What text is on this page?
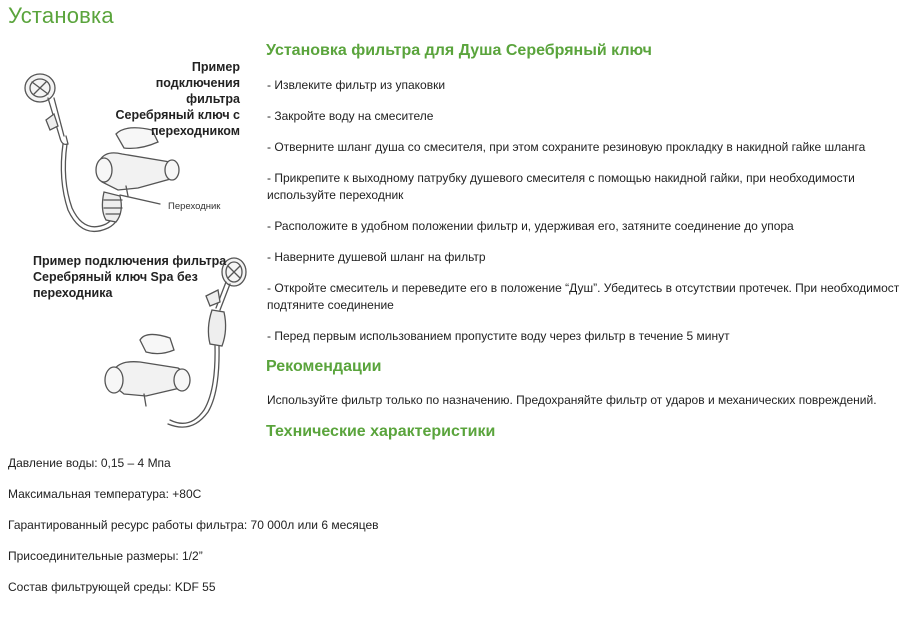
Установка
Пример подключения фильтра Серебряный ключ с переходником
Переходник
Пример подключения фильтра Серебряный ключ Spa без переходника
Установка фильтра для Душа Серебряный ключ
- Извлеките фильтр из упаковки
- Закройте воду на смесителе
- Отверните шланг душа со смесителя, при этом сохраните резиновую прокладку в накидной гайке шланга
- Прикрепите к выходному патрубку душевого смесителя с помощью накидной гайки, при необходимости используйте переходник
- Расположите в удобном положении фильтр и, удерживая его, затяните соединение до упора
- Наверните душевой шланг на фильтр
- Откройте смеситель и переведите его в положение “Душ”. Убедитесь в отсутствии протечек. При необходимост подтяните соединение
- Перед первым использованием пропустите воду через фильтр в течение 5 минут
Рекомендации

Используйте фильтр только по назначению. Предохраняйте фильтр от ударов и механических повреждений.

Технические характеристики
Давление воды: 0,15 – 4 Мпа
Максимальная температура: +80С
Гарантированный ресурс работы фильтра: 70 000л или 6 месяцев
Присоединительные размеры: 1/2”
Состав фильтрующей среды: KDF 55
